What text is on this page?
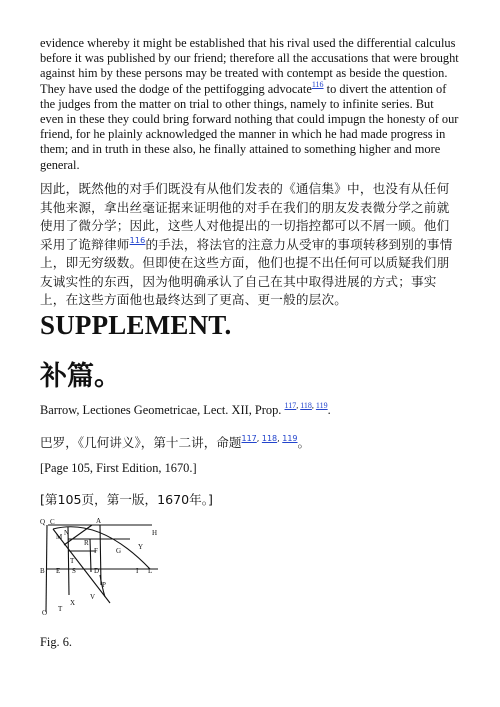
evidence whereby it might be established that his rival used the differential calculus before it was published by our friend; therefore all the accusations that were brought against him by these persons may be treated with contempt as beside the question. They have used the dodge of the pettifogging advocate$^{116}$ to divert the attention of the judges from the matter on trial to other things, namely to infinite series. But even in these they could bring forward nothing that could impugn the honesty of our friend, for he plainly acknowledged the manner in which he had made progress in them; and in truth in these also, he finally attained to something higher and more general.

因此，既然他的对手们既没有从他们发表的《通信集》中，也没有从任何其他来源，拿出丝毫证据来证明他的对手在我们的朋友发表微分学之前就使用了微分学；因此，这些人对他提出的一切指控都可以不屑一顾。他们采用了诡辩律师$^{116}$的手法，将法官的注意力从受审的事项转移到别的事情上，即无穷级数。但即使在这些方面，他们也提不出任何可以质疑我们朋友诚实性的东西，因为他明确承认了自己在其中取得进展的方式；事实上，在这些方面他也最终达到了更高、更一般的层次。

SUPPLEMENT.
补篇。
Barrow, Lectiones Geometricae, Lect. XII, Prop. $^{117, 118, 119}$.
巴罗，《几何讲义》，第十二讲，命题$^{117, 118, 119}$。
[Page 105, First Edition, 1670.]
[第105页，第一版，1670年。]
Q C	A
H
M N
R
T
Y
F	G
B E S	D	I L
P
V
X
T
O
Fig. 6.
